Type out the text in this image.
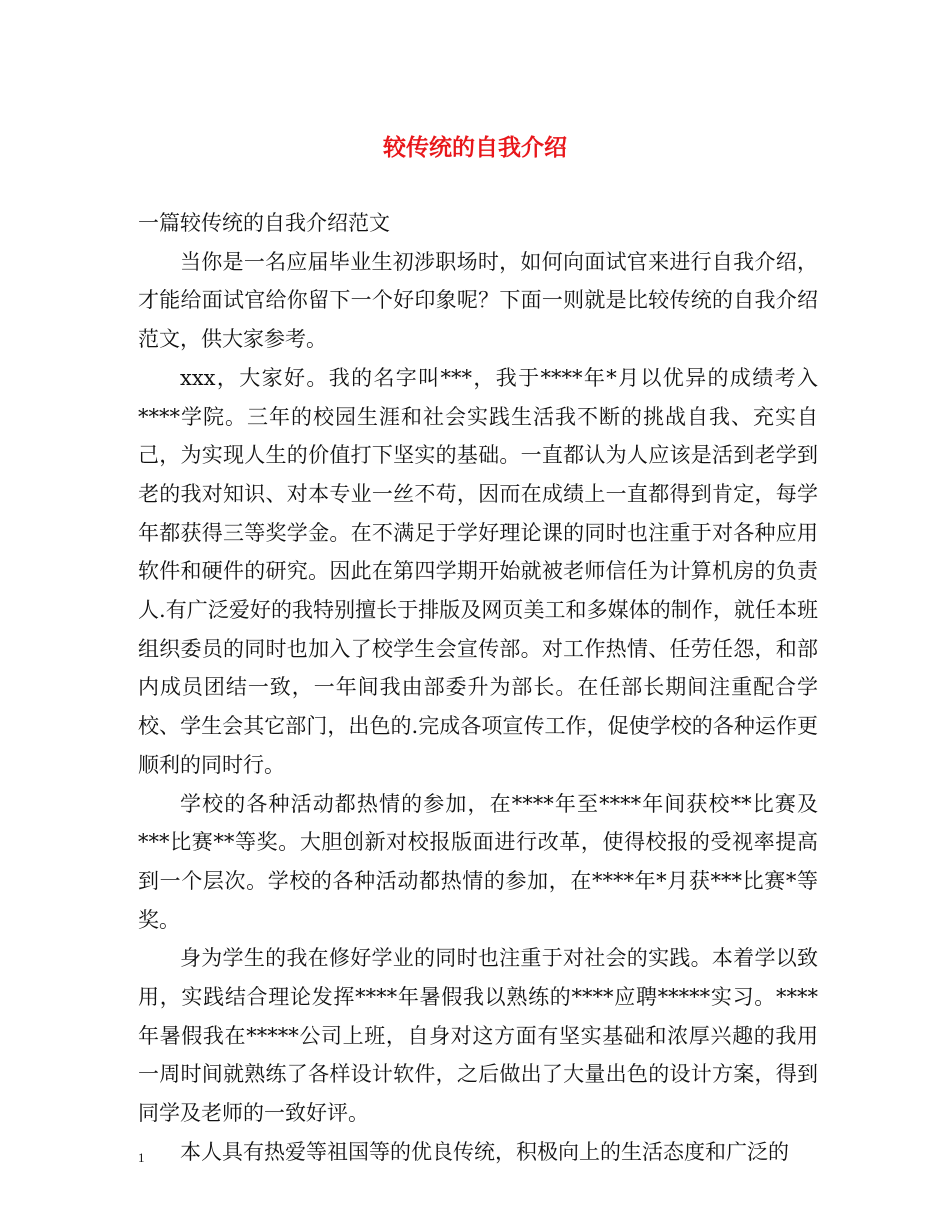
较传统的自我介绍

一篇较传统的自我介绍范文

当你是一名应届毕业生初涉职场时，如何向面试官来进行自我介绍，才能给面试官给你留下一个好印象呢？下面一则就是比较传统的自我介绍范文，供大家参考。

xxx，大家好。我的名字叫***，我于****年*月以优异的成绩考入****学院。三年的校园生涯和社会实践生活我不断的挑战自我、充实自己，为实现人生的价值打下坚实的基础。一直都认为人应该是活到老学到老的我对知识、对本专业一丝不苟，因而在成绩上一直都得到肯定，每学年都获得三等奖学金。在不满足于学好理论课的同时也注重于对各种应用软件和硬件的研究。因此在第四学期开始就被老师信任为计算机房的负责人.有广泛爱好的我特别擅长于排版及网页美工和多媒体的制作，就任本班组织委员的同时也加入了校学生会宣传部。对工作热情、任劳任怨，和部内成员团结一致，一年间我由部委升为部长。在任部长期间注重配合学校、学生会其它部门，出色的.完成各项宣传工作，促使学校的各种运作更顺利的同时行。

学校的各种活动都热情的参加，在****年至****年间获校**比赛及***比赛**等奖。大胆创新对校报版面进行改革，使得校报的受视率提高到一个层次。学校的各种活动都热情的参加，在****年*月获***比赛*等奖。

身为学生的我在修好学业的同时也注重于对社会的实践。本着学以致用，实践结合理论发挥****年暑假我以熟练的****应聘*****实习。****年暑假我在*****公司上班，自身对这方面有坚实基础和浓厚兴趣的我用一周时间就熟练了各样设计软件，之后做出了大量出色的设计方案，得到同学及老师的一致好评。

本人具有热爱等祖国等的优良传统，积极向上的生活态度和广泛的

1
